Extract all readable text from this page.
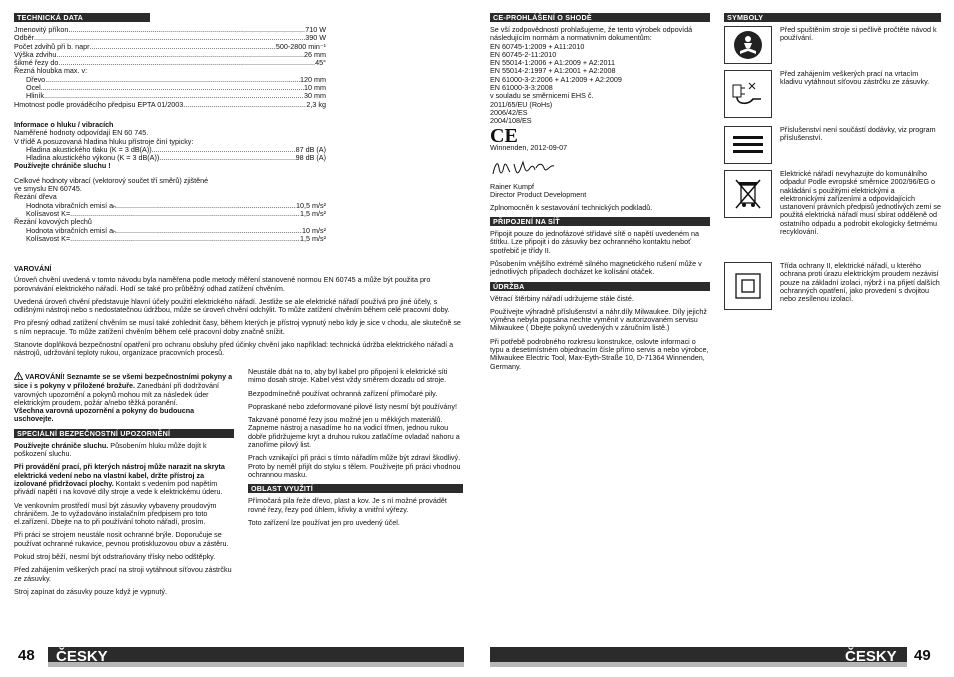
TECHNICKÁ DATA
Jmenovitý příkon .....	710 W
Odběr .....	390 W
Počet zdvihů při b. napr .....	500-2800 min⁻¹
Výška zdvihu .....	26 mm
šikmé řezy do .....	45°
Řezná hloubka max. v:
Dřevo .....	120 mm
Ocel .....	10 mm
Hliník .....	30 mm
Hmotnost podle prováděcího předpisu EPTA 01/2003 .....	2,3 kg
Informace o hluku / vibracích
Naměřené hodnoty odpovídají EN 60 745.
V třídě A posuzovaná hladina hluku přístroje činí typicky:
Hladina akustického tlaku (K = 3 dB(A)) .....	87 dB (A)
Hladina akustického výkonu (K = 3 dB(A)) .....	98 dB (A)
Používejte chrániče sluchu !
Celkové hodnoty vibrací (vektorový součet tří směrů) zjištěné
ve smyslu EN 60745.
Řezání dřeva
Hodnota vibračních emisí aₕ .....	10,5 m/s²
Kolísavost K= .....	1,5 m/s²
Řezání kovových plechů
Hodnota vibračních emisí aₕ .....	10 m/s²
Kolísavost K= .....	1,5 m/s²
VAROVÁNÍ

Úroveň chvění uvedená v tomto návodu byla naměřena podle metody měření stanovené normou EN 60745 a může být použita pro porovnávání elektrického nářadí. Hodí se také pro průběžný odhad zatížení chvěním.

Uvedená úroveň chvění představuje hlavní účely použití elektrického nářadí. Jestliže se ale elektrické nářadí používá pro jiné účely, s odlišnými nástroji nebo s nedostatečnou údržbou, může se úroveň chvění odchýlit. To může zatížení chvěním během celé pracovní doby.

Pro přesný odhad zatížení chvěním se musí také zohlednit časy, během kterých je přístroj vypnutý nebo kdy je sice v chodu, ale skutečně se s ním nepracuje. To může zatížení chvěním během celé pracovní doby značně snížit.

Stanovte doplňková bezpečnostní opatření pro ochranu obsluhy před účinky chvění jako například: technická údržba elektrického nářadí a nástrojů, udržování teploty rukou, organizace pracovních procesů.

VAROVÁNÍ! Seznamte se se všemi bezpečnostními pokyny a sice i s pokyny v přiložené brožuře. Zanedbání při dodržování varovných upozornění a pokynů mohou mít za následek úder elektrickým proudem, požár a/nebo těžká poranění.
Všechna varovná upozornění a pokyny do budoucna uschovejte.

SPECIÁLNÍ BEZPEČNOSTNÍ UPOZORNĚNÍ

Používejte chrániče sluchu. Působením hluku může dojít k poškození sluchu.

Při provádění prací, při kterých nástroj může narazit na skryta elektrická vedení nebo na vlastní kabel, držte přístroj za izolované přidržovací plochy. Kontakt s vedením pod napětím přivádí napětí i na kovové díly stroje a vede k elektrickému úderu.

Ve venkovním prostředí musí být zásuvky vybaveny proudovým chráničem. Je to vyžadováno instalačním předpisem pro toto el.zařízení. Dbejte na to při používání tohoto nářadí, prosím.

Při práci se strojem neustále nosit ochranné brýle. Doporučuje se používat ochranné rukavice, pevnou protiskluzovou obuv a zástěru.

Pokud stroj běží, nesmí být odstraňovány třísky nebo odštěpky.

Před zahájením veškerých prací na stroji vytáhnout síťovou zástrčku ze zásuvky.

Stroj zapínat do zásuvky pouze když je vypnutý.

Neustále dbát na to, aby byl kabel pro připojení k elektrické síti mimo dosah stroje. Kabel vést vždy směrem dozadu od stroje.

Bezpodmínečně používat ochranná zařízení přímočaré pily.

Popraskané nebo zdeformované pilové listy nesmí být používány!

Takzvané ponorné řezy jsou možné jen u měkkých materiálů. Zapneme nástroj a nasadíme ho na vodicí třmen, jednou rukou dobře přidržujeme kryt a druhou rukou zatlačíme ovladač nahoru a zanoříme pilový list.

Prach vznikající při práci s tímto nářadím může být zdraví škodlivý. Proto by neměl přijít do styku s tělem. Používejte při práci vhodnou ochrannou masku.

OBLAST VYUŽITÍ

Přímočará pila řeže dřevo, plast a kov. Je s ní možné provádět rovné řezy, řezy pod úhlem, křivky a vnitřní výřezy.

Toto zařízení lze používat jen pro uvedený účel.

48 ČESKY
CE-PROHLÁŠENÍ O SHODĚ
Se vší zodpovědností prohlašujeme, že tento výrobek odpovídá následujícím normám a normativním dokumentům:
EN 60745-1:2009 + A11:2010
EN 60745-2-11:2010
EN 55014-1:2006 + A1:2009 + A2:2011
EN 55014-2:1997 + A1:2001 + A2:2008
EN 61000-3-2:2006 + A1:2009 + A2:2009
EN 61000-3-3:2008
v souladu se směrnicemi EHS č.
2011/65/EU (RoHs)
2006/42/ES
2004/108/ES
CE
Winnenden, 2012-09-07
Rainer Kumpf
Director Product Development
Zplnomocněn k sestavování technických podkladů.
PŘIPOJENÍ NA SÍŤ

Připojit pouze do jednofázové střídavé sítě o napětí uvedeném na štítku. Lze připojit i do zásuvky bez ochranného kontaktu neboť spotřebič je třídy II.

Působením vnějšího extrémě silného magnetického rušení může v jednotlivých případech docházet ke kolísání otáček.

ÚDRŽBA

Větrací štěrbiny nářadí udržujeme stále čisté.

Používejte výhradně příslušenství a náhr.díly Milwaukee. Díly jejichž výměna nebyla popsána nechte vyměnit v autorizovaném servisu Milwaukee ( Dbejte pokynů uvedených v záručním listě.)

Při potřebě podrobného rozkresu konstrukce, oslovte informaci o typu a desetimístném objednacím čísle přímo servis a nebo výrobce, Milwaukee Electric Tool, Max-Eyth-Straße 10, D-71364 Winnenden, Germany.

SYMBOLY
Před spuštěním stroje si pečlivě pročtěte návod k používání.
Před zahájením veškerých prací na vrtacím kladivu vytáhnout síťovou zástrčku ze zásuvky.
Příslušenství není součástí dodávky, viz program příslušenství.
Elektrické nářadí nevyhazujte do komunálního odpadu! Podle evropské směrnice 2002/96/EG o nakládání s použitými elektrickými a elektronickými zařízeními a odpovídajících ustanovení právních předpisů jednotlivých zemí se použitá elektrická nářadí musí sbírat odděleně od ostatního odpadu a podrobit ekologicky šetrnému recyklování.
Třída ochrany II, elektrické nářadí, u kterého ochrana proti úrazu elektrickým proudem nezávisí pouze na základní izolaci, nýbrž i na přijetí dalších ochranných opatření, jako provedení s dvojitou nebo zesílenou izolací.
49
ČESKY
